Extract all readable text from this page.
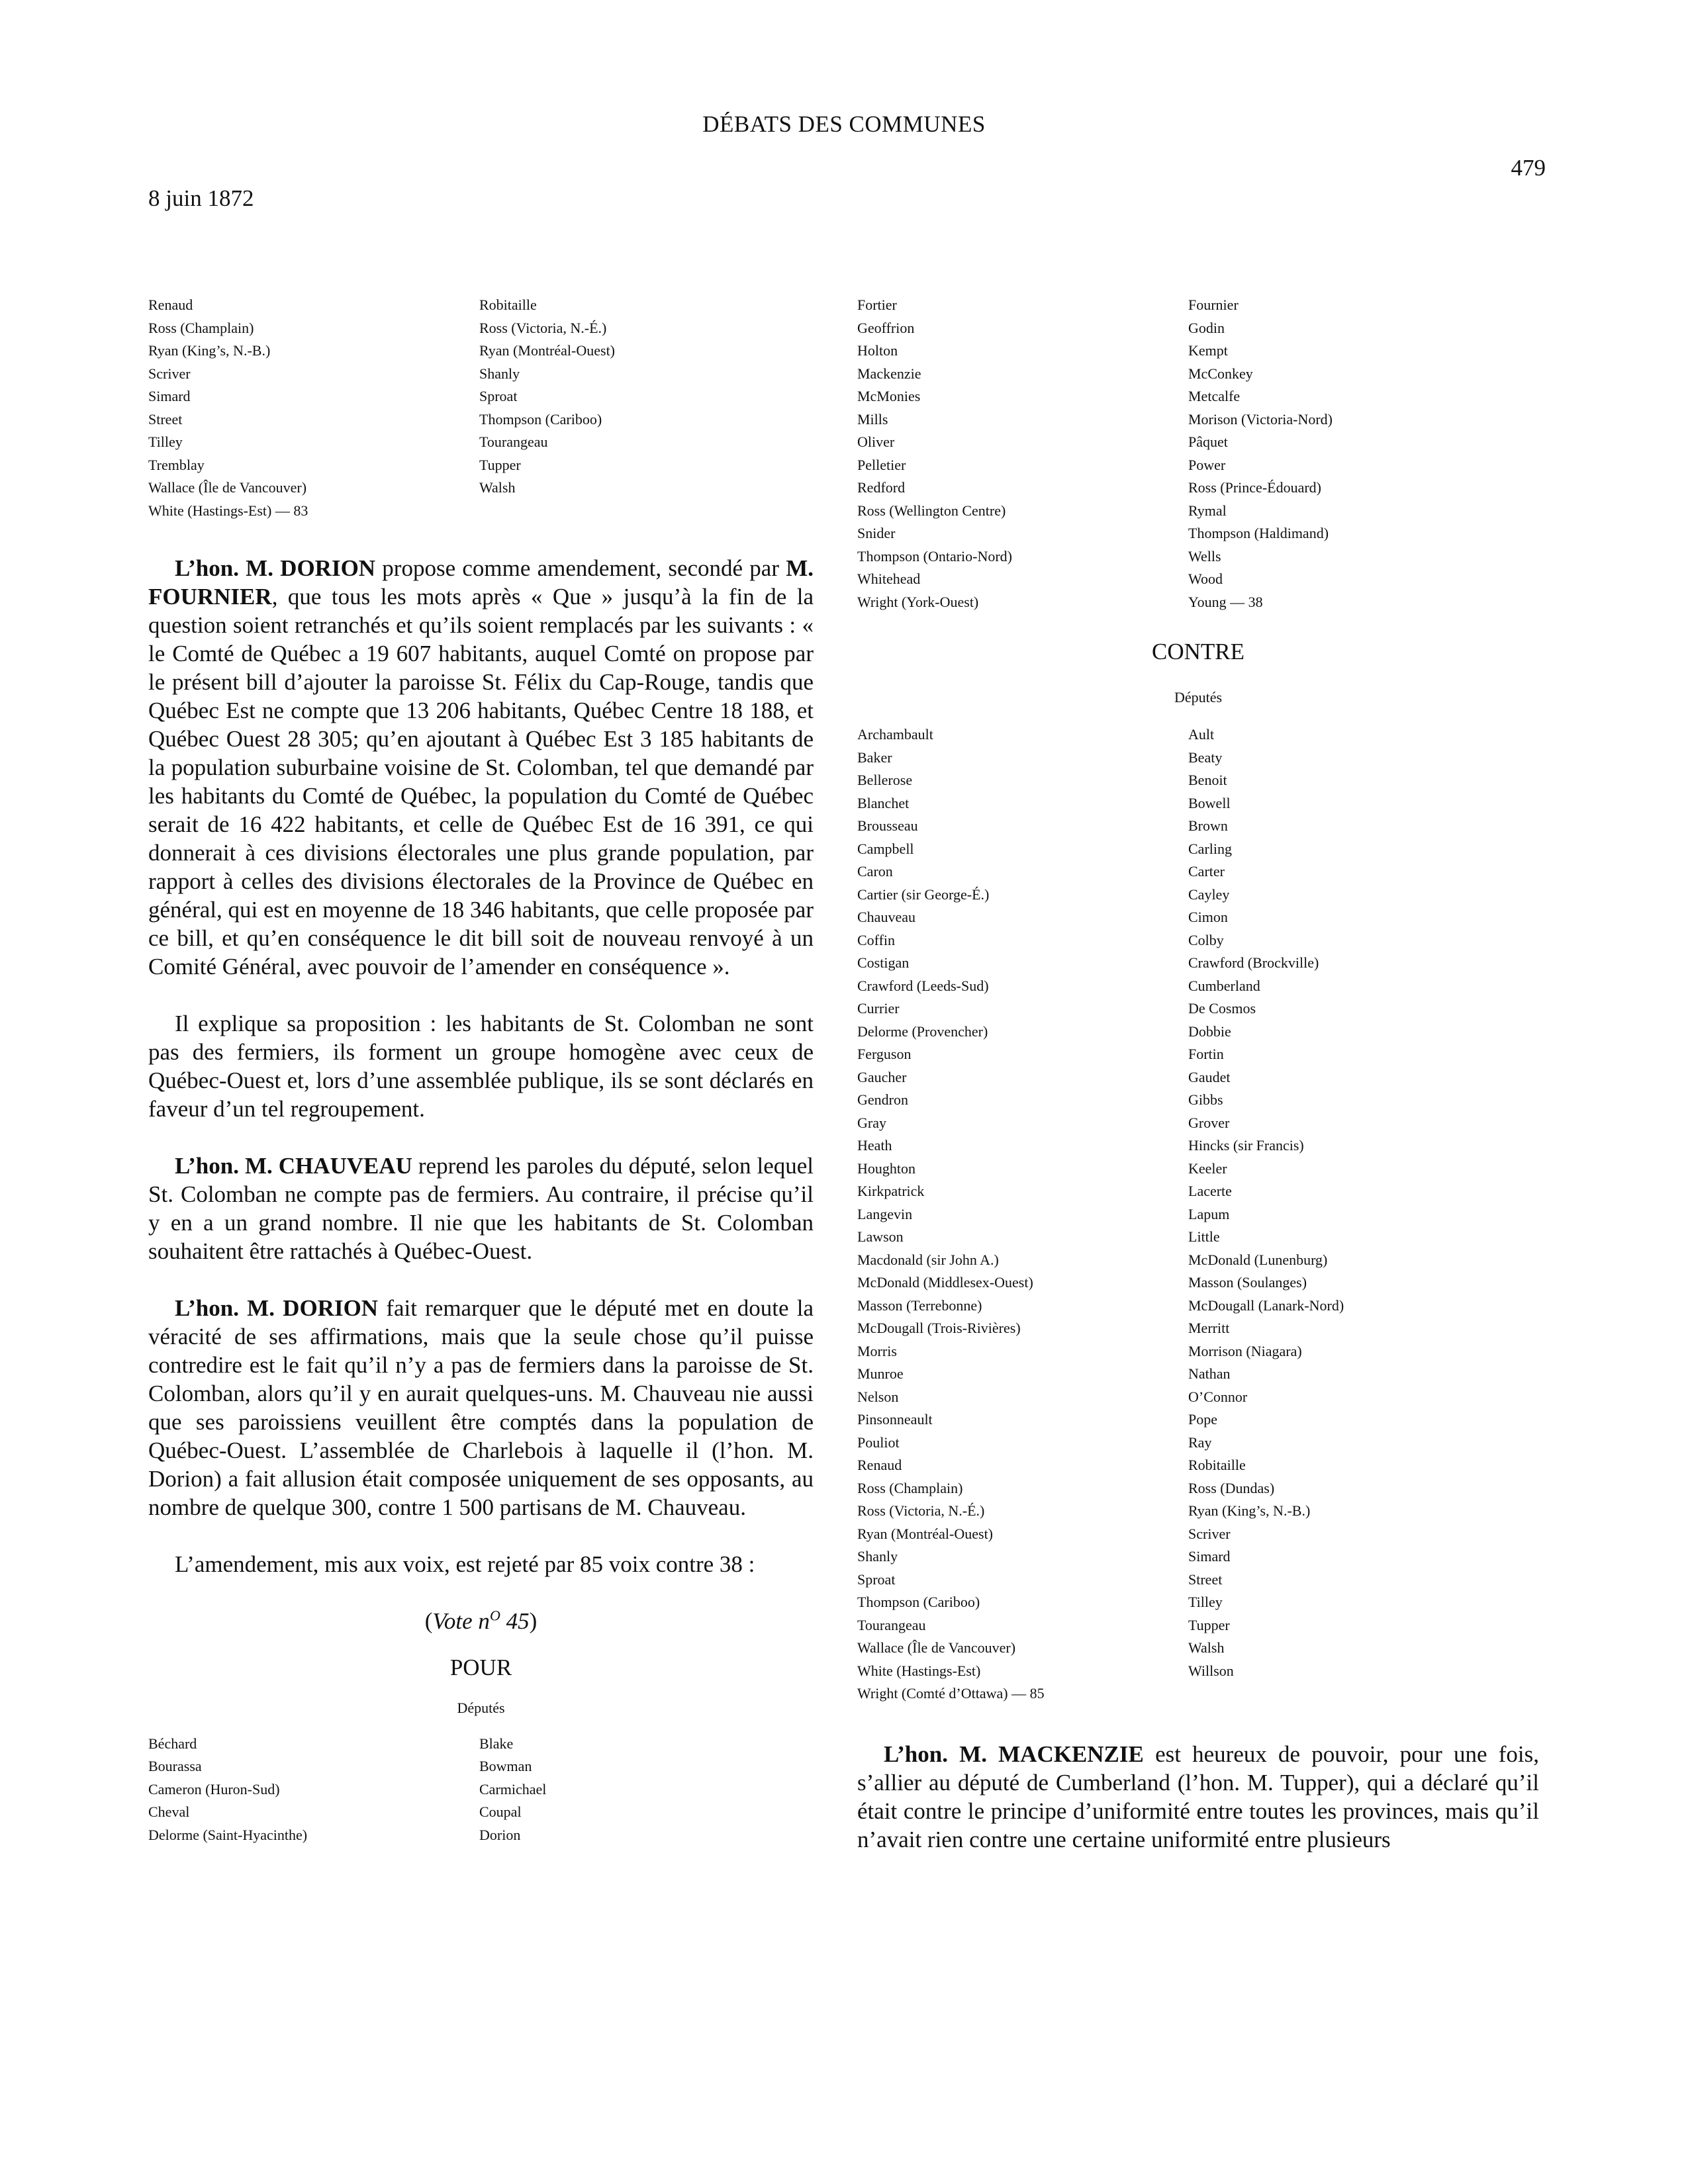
DÉBATS DES COMMUNES
8 juin 1872
479
Renaud	Robitaille
Ross (Champlain)	Ross (Victoria, N.-É.)
Ryan (King’s, N.-B.)	Ryan (Montréal-Ouest)
Scriver	Shanly
Simard	Sproat
Street	Thompson (Cariboo)
Tilley	Tourangeau
Tremblay	Tupper
Wallace (Île de Vancouver)	Walsh
White (Hastings-Est) — 83

L’hon. M. DORION propose comme amendement, secondé par M. FOURNIER, que tous les mots après « Que » jusqu’à la fin de la question soient retranchés et qu’ils soient remplacés par les suivants : « le Comté de Québec a 19 607 habitants, auquel Comté on propose par le présent bill d’ajouter la paroisse St. Félix du Cap-Rouge, tandis que Québec Est ne compte que 13 206 habitants, Québec Centre 18 188, et Québec Ouest 28 305; qu’en ajoutant à Québec Est 3 185 habitants de la population suburbaine voisine de St. Colomban, tel que demandé par les habitants du Comté de Québec, la population du Comté de Québec serait de 16 422 habitants, et celle de Québec Est de 16 391, ce qui donnerait à ces divisions électorales une plus grande population, par rapport à celles des divisions électorales de la Province de Québec en général, qui est en moyenne de 18 346 habitants, que celle proposée par ce bill, et qu’en conséquence le dit bill soit de nouveau renvoyé à un Comité Général, avec pouvoir de l’amender en conséquence ».

Il explique sa proposition : les habitants de St. Colomban ne sont pas des fermiers, ils forment un groupe homogène avec ceux de Québec-Ouest et, lors d’une assemblée publique, ils se sont déclarés en faveur d’un tel regroupement.

L’hon. M. CHAUVEAU reprend les paroles du député, selon lequel St. Colomban ne compte pas de fermiers. Au contraire, il précise qu’il y en a un grand nombre. Il nie que les habitants de St. Colomban souhaitent être rattachés à Québec-Ouest.

L’hon. M. DORION fait remarquer que le député met en doute la véracité de ses affirmations, mais que la seule chose qu’il puisse contredire est le fait qu’il n’y a pas de fermiers dans la paroisse de St. Colomban, alors qu’il y en aurait quelques-uns. M. Chauveau nie aussi que ses paroissiens veuillent être comptés dans la population de Québec-Ouest. L’assemblée de Charlebois à laquelle il (l’hon. M. Dorion) a fait allusion était composée uniquement de ses opposants, au nombre de quelque 300, contre 1 500 partisans de M. Chauveau.

L’amendement, mis aux voix, est rejeté par 85 voix contre 38 :

(Vote $n^O$ 45)
POUR
Députés
Béchard	Blake
Bourassa	Bowman
Cameron (Huron-Sud)	Carmichael
Cheval	Coupal
Delorme (Saint-Hyacinthe)	Dorion
Fortier	Fournier
Geoffrion	Godin
Holton	Kempt
Mackenzie	McConkey
McMonies	Metcalfe
Mills	Morison (Victoria-Nord)
Oliver	Pâquet
Pelletier	Power
Redford	Ross (Prince-Édouard)
Ross (Wellington Centre)	Rymal
Snider	Thompson (Haldimand)
Thompson (Ontario-Nord)	Wells
Whitehead	Wood
Wright (York-Ouest)	Young — 38
CONTRE
Députés
Archambault	Ault
Baker	Beaty
Bellerose	Benoit
Blanchet	Bowell
Brousseau	Brown
Campbell	Carling
Caron	Carter
Cartier (sir George-É.)	Cayley
Chauveau	Cimon
Coffin	Colby
Costigan	Crawford (Brockville)
Crawford (Leeds-Sud)	Cumberland
Currier	De Cosmos
Delorme (Provencher)	Dobbie
Ferguson	Fortin
Gaucher	Gaudet
Gendron	Gibbs
Gray	Grover
Heath	Hincks (sir Francis)
Houghton	Keeler
Kirkpatrick	Lacerte
Langevin	Lapum
Lawson	Little
Macdonald (sir John A.)	McDonald (Lunenburg)
McDonald (Middlesex-Ouest)	Masson (Soulanges)
Masson (Terrebonne)	McDougall (Lanark-Nord)
McDougall (Trois-Rivières)	Merritt
Morris	Morrison (Niagara)
Munroe	Nathan
Nelson	O’Connor
Pinsonneault	Pope
Pouliot	Ray
Renaud	Robitaille
Ross (Champlain)	Ross (Dundas)
Ross (Victoria, N.-É.)	Ryan (King’s, N.-B.)
Ryan (Montréal-Ouest)	Scriver
Shanly	Simard
Sproat	Street
Thompson (Cariboo)	Tilley
Tourangeau	Tupper
Wallace (Île de Vancouver)	Walsh
White (Hastings-Est)	Willson
Wright (Comté d’Ottawa) — 85

L’hon. M. MACKENZIE est heureux de pouvoir, pour une fois, s’allier au député de Cumberland (l’hon. M. Tupper), qui a déclaré qu’il était contre le principe d’uniformité entre toutes les provinces, mais qu’il n’avait rien contre une certaine uniformité entre plusieurs
